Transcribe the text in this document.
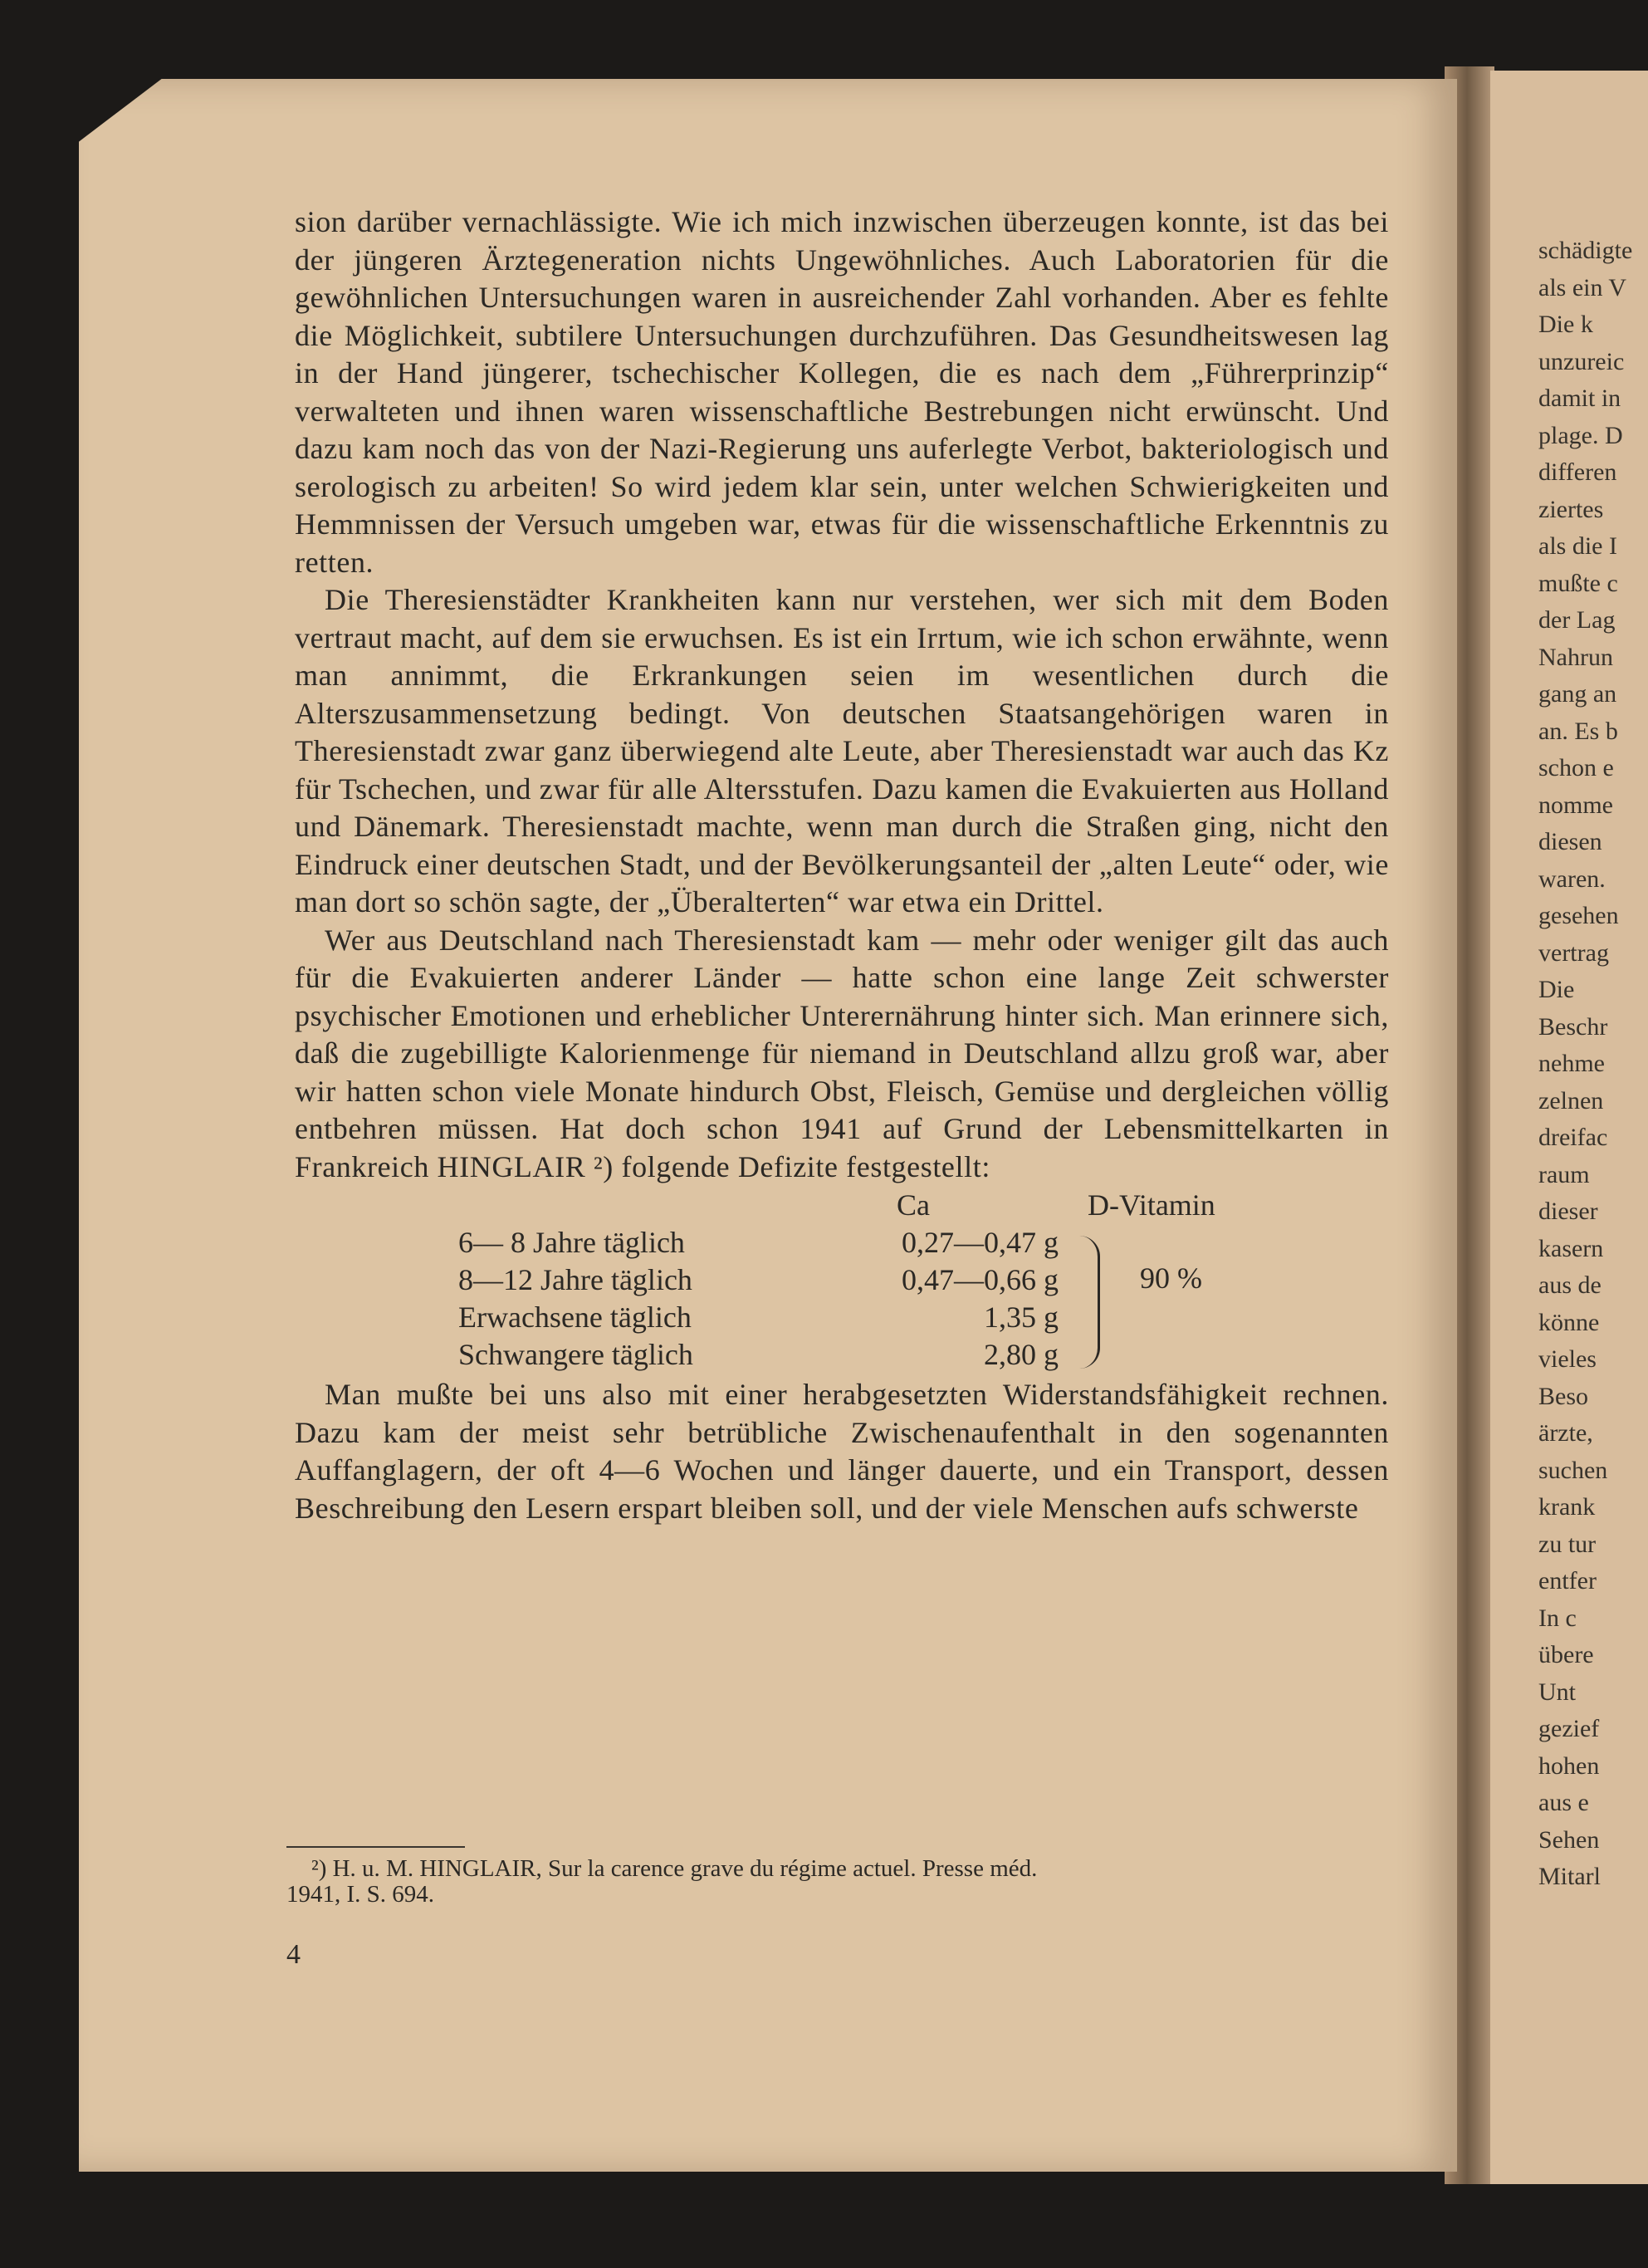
schädigte
als ein V
Die k
unzureic
damit in
plage. D
differen
ziertes
als die I
mußte c
der Lag
Nahrun
gang an
an. Es b
schon e
nomme
diesen
waren.
gesehen
vertrag
Die
Beschr
nehme
zelnen
dreifac
raum
dieser
kasern
aus de
könne
vieles
Beso
ärzte,
suchen
krank
zu tur
entfer
In c
übere
Unt
gezief
hohen
aus e
Sehen
Mitarl

sion darüber vernachlässigte. Wie ich mich inzwischen überzeugen konnte, ist das bei der jüngeren Ärztegeneration nichts Ungewöhnliches. Auch Laboratorien für die gewöhnlichen Untersuchungen waren in ausreichender Zahl vorhanden. Aber es fehlte die Möglichkeit, subtilere Untersuchungen durchzuführen. Das Gesundheitswesen lag in der Hand jüngerer, tschechischer Kollegen, die es nach dem „Führerprinzip“ verwalteten und ihnen waren wissenschaftliche Bestrebungen nicht erwünscht. Und dazu kam noch das von der Nazi-Regierung uns auferlegte Verbot, bakteriologisch und serologisch zu arbeiten! So wird jedem klar sein, unter welchen Schwierigkeiten und Hemmnissen der Versuch umgeben war, etwas für die wissenschaftliche Erkenntnis zu retten.

Die Theresienstädter Krankheiten kann nur verstehen, wer sich mit dem Boden vertraut macht, auf dem sie erwuchsen. Es ist ein Irrtum, wie ich schon erwähnte, wenn man annimmt, die Erkrankungen seien im wesentlichen durch die Alterszusammensetzung bedingt. Von deutschen Staatsangehörigen waren in Theresienstadt zwar ganz überwiegend alte Leute, aber Theresienstadt war auch das Kz für Tschechen, und zwar für alle Altersstufen. Dazu kamen die Evakuierten aus Holland und Dänemark. Theresienstadt machte, wenn man durch die Straßen ging, nicht den Eindruck einer deutschen Stadt, und der Bevölkerungsanteil der „alten Leute“ oder, wie man dort so schön sagte, der „Überalterten“ war etwa ein Drittel.

Wer aus Deutschland nach Theresienstadt kam — mehr oder weniger gilt das auch für die Evakuierten anderer Länder — hatte schon eine lange Zeit schwerster psychischer Emotionen und erheblicher Unterernährung hinter sich. Man erinnere sich, daß die zugebilligte Kalorienmenge für niemand in Deutschland allzu groß war, aber wir hatten schon viele Monate hindurch Obst, Fleisch, Gemüse und dergleichen völlig entbehren müssen. Hat doch schon 1941 auf Grund der Lebensmittelkarten in Frankreich HINGLAIR ²) folgende Defizite festgestellt:

Ca	D-Vitamin
6— 8 Jahre täglich	0,27—0,47 g
8—12 Jahre täglich	0,47—0,66 g
Erwachsene täglich	1,35 g
Schwangere täglich	2,80 g
90 %

Man mußte bei uns also mit einer herabgesetzten Widerstandsfähigkeit rechnen. Dazu kam der meist sehr betrübliche Zwischenaufenthalt in den sogenannten Auffanglagern, der oft 4—6 Wochen und länger dauerte, und ein Transport, dessen Beschreibung den Lesern erspart bleiben soll, und der viele Menschen aufs schwerste

²) H. u. M. HINGLAIR, Sur la carence grave du régime actuel. Presse méd.
1941, I. S. 694.
4
